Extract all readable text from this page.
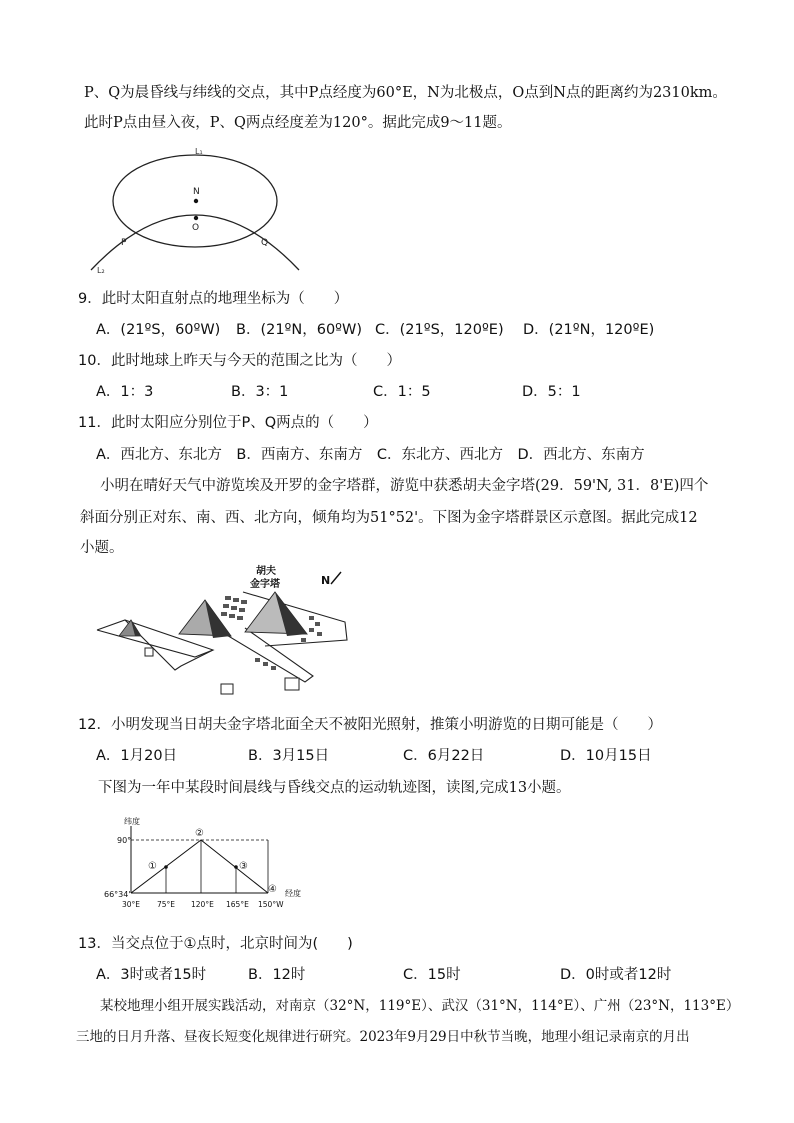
P、Q为晨昏线与纬线的交点，其中P点经度为60°E，N为北极点，O点到N点的距离约为2310km。
此时P点由昼入夜，P、Q两点经度差为120°。据此完成9～11题。
L₁
N
O
P	Q
L₂
9．此时太阳直射点的地理坐标为（　　）
A．(21ºS，60ºW) B．(21ºN，60ºW) C．(21ºS，120ºE) D．(21ºN，120ºE)
10．此时地球上昨天与今天的范围之比为（　　）
A．1：3	B．3：1	C．1：5	D．5：1
11．此时太阳应分别位于P、Q两点的（　　）
A．西北方、东北方　B．西南方、东南方　C．东北方、西北方　D．西北方、东南方
小明在晴好天气中游览埃及开罗的金字塔群，游览中获悉胡夫金字塔(29．59'N, 31．8'E)四个
斜面分别正对东、南、西、北方向，倾角均为51°52'。下图为金字塔群景区示意图。据此完成12
小题。
胡夫
金字塔	N
12．小明发现当日胡夫金字塔北面全天不被阳光照射，推策小明游览的日期可能是（　　）
A．1月20日	B．3月15日	C．6月22日	D．10月15日
下图为一年中某段时间晨线与昏线交点的运动轨迹图，读图,完成13小题。
纬度
90°
66°34'	经度
①
②
③
④
30°E 75°E 120°E 165°E 150°W
13．当交点位于①点时，北京时间为(　　)
A．3时或者15时	B．12时	C．15时	D．0时或者12时
某校地理小组开展实践活动，对南京（32°N，119°E）、武汉（31°N，114°E）、广州（23°N，113°E）
三地的日月升落、昼夜长短变化规律进行研究。2023年9月29日中秋节当晚，地理小组记录南京的月出
